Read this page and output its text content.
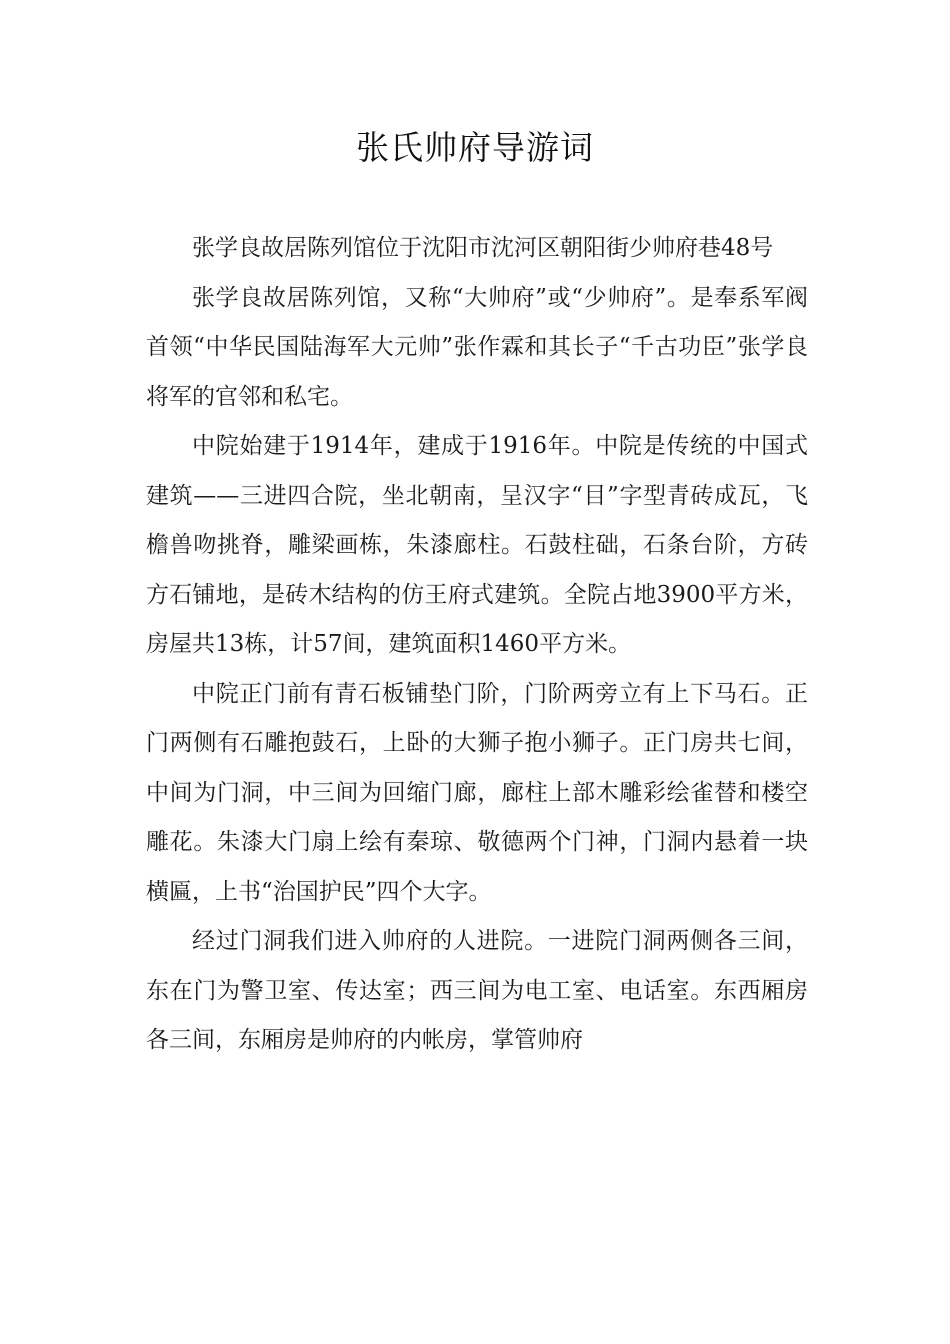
张氏帅府导游词

张学良故居陈列馆位于沈阳市沈河区朝阳街少帅府巷48号

张学良故居陈列馆，又称“大帅府”或“少帅府”。是奉系军阀首领“中华民国陆海军大元帅”张作霖和其长子“千古功臣”张学良将军的官邻和私宅。

中院始建于1914年，建成于1916年。中院是传统的中国式建筑——三进四合院，坐北朝南，呈汉字“目”字型青砖成瓦，飞檐兽吻挑脊，雕梁画栋，朱漆廊柱。石鼓柱础，石条台阶，方砖方石铺地，是砖木结构的仿王府式建筑。全院占地3900平方米，房屋共13栋，计57间，建筑面积1460平方米。

中院正门前有青石板铺垫门阶，门阶两旁立有上下马石。正门两侧有石雕抱鼓石，上卧的大狮子抱小狮子。正门房共七间，中间为门洞，中三间为回缩门廊，廊柱上部木雕彩绘雀替和楼空雕花。朱漆大门扇上绘有秦琼、敬德两个门神，门洞内悬着一块横匾，上书“治国护民”四个大字。

经过门洞我们进入帅府的人进院。一进院门洞两侧各三间，东在门为警卫室、传达室；西三间为电工室、电话室。东西厢房各三间，东厢房是帅府的内帐房，掌管帅府
